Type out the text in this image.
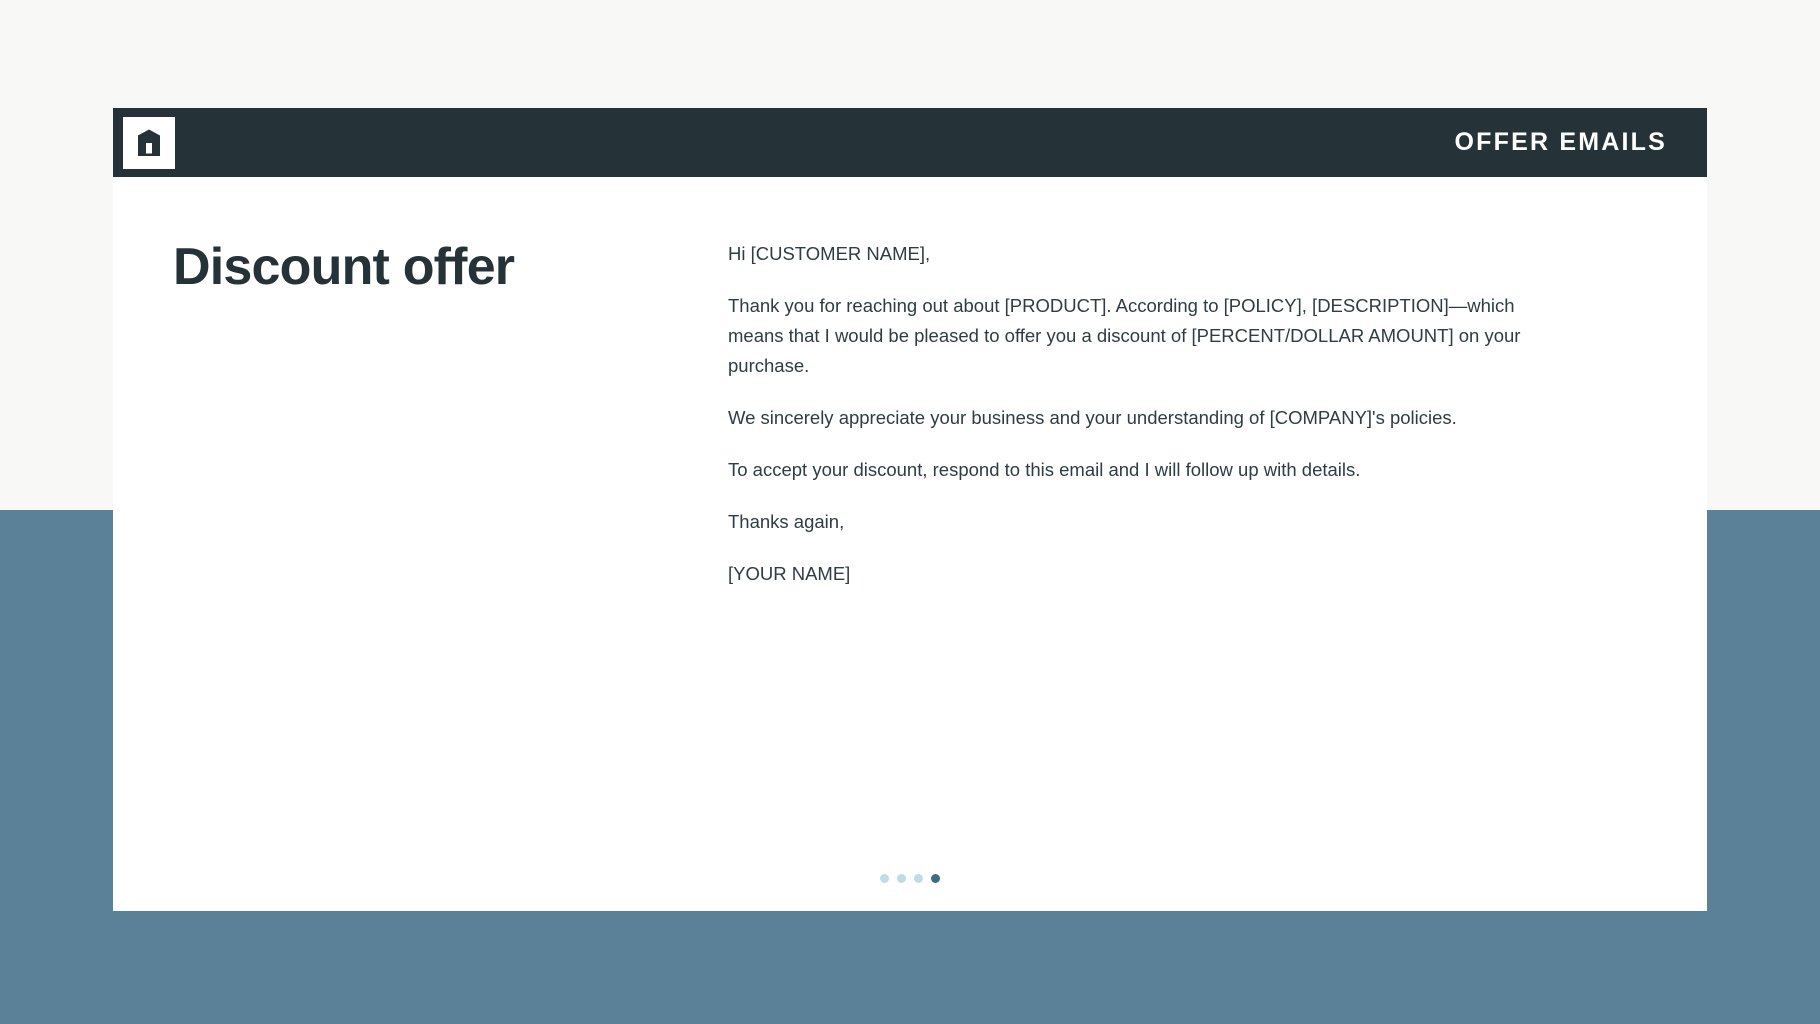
OFFER EMAILS
Discount offer	Hi [CUSTOMER NAME],

Thank you for reaching out about [PRODUCT]. According to [POLICY], [DESCRIPTION]—which means that I would be pleased to offer you a discount of [PERCENT/DOLLAR AMOUNT] on your purchase.

We sincerely appreciate your business and your understanding of [COMPANY]'s policies.

To accept your discount, respond to this email and I will follow up with details.

Thanks again,

[YOUR NAME]
